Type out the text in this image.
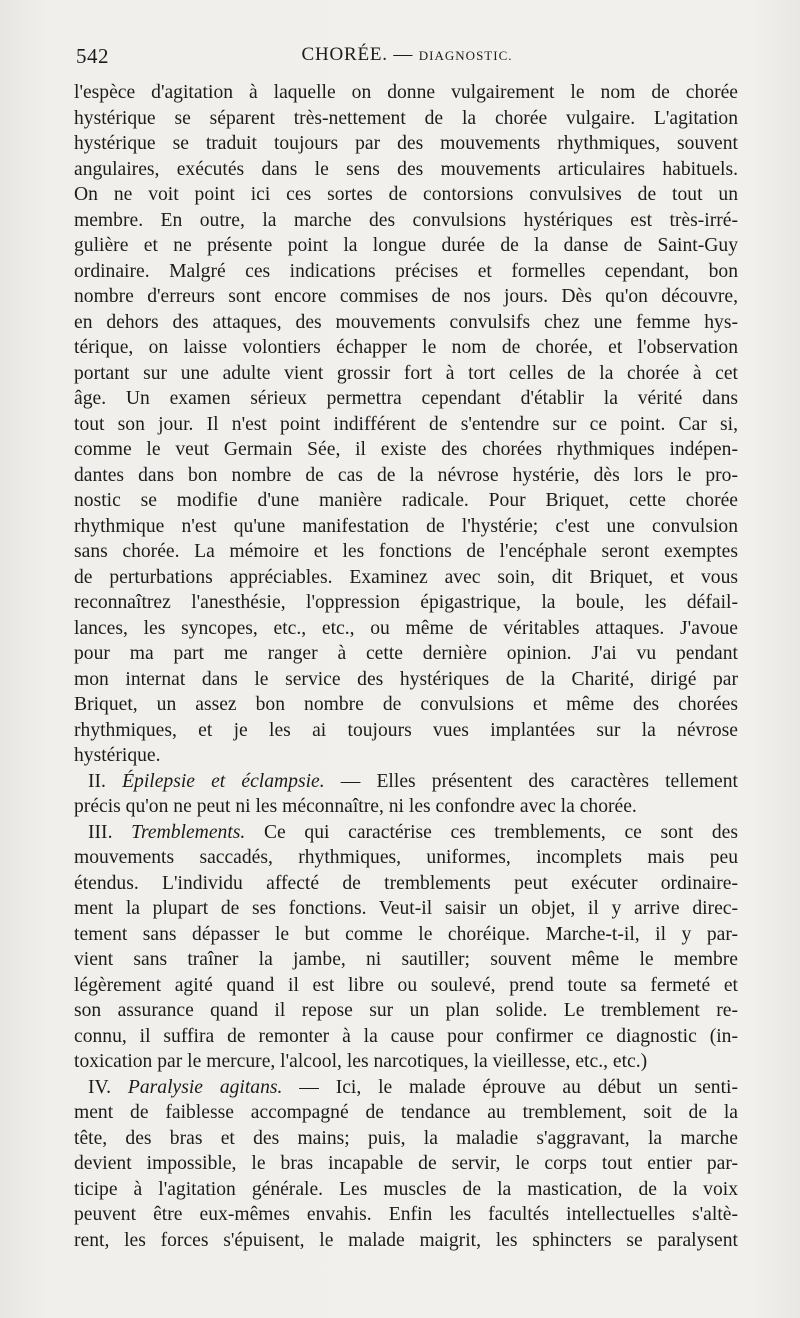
542	CHORÉE. — DIAGNOSTIC.
l'espèce d'agitation à laquelle on donne vulgairement le nom de chorée
hystérique se séparent très-nettement de la chorée vulgaire. L'agitation
hystérique se traduit toujours par des mouvements rhythmiques, souvent
angulaires, exécutés dans le sens des mouvements articulaires habituels.
On ne voit point ici ces sortes de contorsions convulsives de tout un
membre. En outre, la marche des convulsions hystériques est très-irré-
gulière et ne présente point la longue durée de la danse de Saint-Guy
ordinaire. Malgré ces indications précises et formelles cependant, bon
nombre d'erreurs sont encore commises de nos jours. Dès qu'on découvre,
en dehors des attaques, des mouvements convulsifs chez une femme hys-
térique, on laisse volontiers échapper le nom de chorée, et l'observation
portant sur une adulte vient grossir fort à tort celles de la chorée à cet
âge. Un examen sérieux permettra cependant d'établir la vérité dans
tout son jour. Il n'est point indifférent de s'entendre sur ce point. Car si,
comme le veut Germain Sée, il existe des chorées rhythmiques indépen-
dantes dans bon nombre de cas de la névrose hystérie, dès lors le pro-
nostic se modifie d'une manière radicale. Pour Briquet, cette chorée
rhythmique n'est qu'une manifestation de l'hystérie; c'est une convulsion
sans chorée. La mémoire et les fonctions de l'encéphale seront exemptes
de perturbations appréciables. Examinez avec soin, dit Briquet, et vous
reconnaîtrez l'anesthésie, l'oppression épigastrique, la boule, les défail-
lances, les syncopes, etc., etc., ou même de véritables attaques. J'avoue
pour ma part me ranger à cette dernière opinion. J'ai vu pendant
mon internat dans le service des hystériques de la Charité, dirigé par
Briquet, un assez bon nombre de convulsions et même des chorées
rhythmiques, et je les ai toujours vues implantées sur la névrose
hystérique.
II. Épilepsie et éclampsie. — Elles présentent des caractères tellement
précis qu'on ne peut ni les méconnaître, ni les confondre avec la chorée.
III. Tremblements. Ce qui caractérise ces tremblements, ce sont des
mouvements saccadés, rhythmiques, uniformes, incomplets mais peu
étendus. L'individu affecté de tremblements peut exécuter ordinaire-
ment la plupart de ses fonctions. Veut-il saisir un objet, il y arrive direc-
tement sans dépasser le but comme le choréique. Marche-t-il, il y par-
vient sans traîner la jambe, ni sautiller; souvent même le membre
légèrement agité quand il est libre ou soulevé, prend toute sa fermeté et
son assurance quand il repose sur un plan solide. Le tremblement re-
connu, il suffira de remonter à la cause pour confirmer ce diagnostic (in-
toxication par le mercure, l'alcool, les narcotiques, la vieillesse, etc., etc.)
IV. Paralysie agitans. — Ici, le malade éprouve au début un senti-
ment de faiblesse accompagné de tendance au tremblement, soit de la
tête, des bras et des mains; puis, la maladie s'aggravant, la marche
devient impossible, le bras incapable de servir, le corps tout entier par-
ticipe à l'agitation générale. Les muscles de la mastication, de la voix
peuvent être eux-mêmes envahis. Enfin les facultés intellectuelles s'altè-
rent, les forces s'épuisent, le malade maigrit, les sphincters se paralysent
